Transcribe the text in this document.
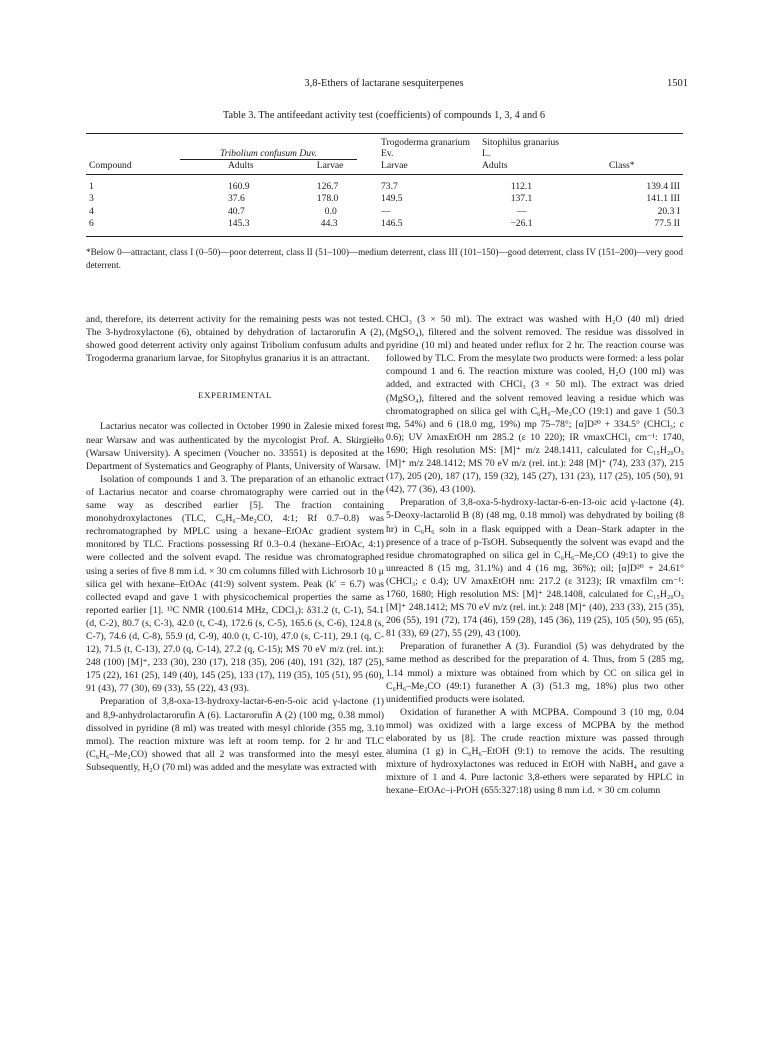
3,8-Ethers of lactarane sesquiterpenes	1501
Table 3. The antifeedant activity test (coefficients) of compounds 1, 3, 4 and 6
	Tribolium confusum Duv.		Trogoderma granarium Ev.	Sitophilus granarius L.	
Compound	Adults	Larvae	Larvae	Adults	Class*
1	160.9	126.7	73.7	112.1	139.4 III
3	37.6	178.0	149.5	137.1	141.1 III
4	40.7	0.0	—	—	20.3 I
6	145.3	44.3	146.5	−26.1	77.5 II
*Below 0—attractant, class I (0–50)—poor deterrent, class II (51–100)—medium deterrent, class III (101–150)—good deterrent, class IV (151–200)—very good deterrent.

and, therefore, its deterrent activity for the remaining pests was not tested. The 3-hydroxylactone (6), obtained by dehydration of lactarorufin A (2), showed good deterrent activity only against Tribolium confusum adults and Trogoderma granarium larvae, for Sitophylus granarius it is an attractant.

EXPERIMENTAL

Lactarius necator was collected in October 1990 in Zalesie mixed forest near Warsaw and was authenticated by the mycologist Prof. A. Skirgiełło (Warsaw University). A specimen (Voucher no. 33551) is deposited at the Department of Systematics and Geography of Plants, University of Warsaw.

Isolation of compounds 1 and 3. The preparation of an ethanolic extract of Lactarius necator and coarse chromatography were carried out in the same way as described earlier [5]. The fraction containing monohydroxylactones (TLC, C₆H₆–Me₂CO, 4:1; Rf 0.7–0.8) was rechromatographed by MPLC using a hexane–EtOAc gradient system monitored by TLC. Fractions possessing Rf 0.3–0.4 (hexane–EtOAc, 4:1) were collected and the solvent evapd. The residue was chromatographed using a series of five 8 mm i.d. × 30 cm columns filled with Lichrosorb 10 μ silica gel with hexane–EtOAc (41:9) solvent system. Peak (k′ = 6.7) was collected evapd and gave 1 with physicochemical properties the same as reported earlier [1]. ¹³C NMR (100.614 MHz, CDCl₃): δ31.2 (t, C-1), 54.1 (d, C-2), 80.7 (s, C-3), 42.0 (t, C-4), 172.6 (s, C-5), 165.6 (s, C-6), 124.8 (s, C-7), 74.6 (d, C-8), 55.9 (d, C-9), 40.0 (t, C-10), 47.0 (s, C-11), 29.1 (q, C-12), 71.5 (t, C-13), 27.0 (q, C-14), 27.2 (q, C-15); MS 70 eV m/z (rel. int.): 248 (100) [M]⁺, 233 (30), 230 (17), 218 (35), 206 (40), 191 (32), 187 (25), 175 (22), 161 (25), 149 (40), 145 (25), 133 (17), 119 (35), 105 (51), 95 (60), 91 (43), 77 (30), 69 (33), 55 (22), 43 (93).

Preparation of 3,8-oxa-13-hydroxy-lactar-6-en-5-oic acid γ-lactone (1) and 8,9-anhydrolactarorufin A (6). Lactarorufin A (2) (100 mg, 0.38 mmol) dissolved in pyridine (8 ml) was treated with mesyl chloride (355 mg, 3.10 mmol). The reaction mixture was left at room temp. for 2 hr and TLC (C₆H₆–Me₂CO) showed that all 2 was transformed into the mesyl ester. Subsequently, H₂O (70 ml) was added and the mesylate was extracted with

CHCl₃ (3 × 50 ml). The extract was washed with H₂O (40 ml) dried (MgSO₄), filtered and the solvent removed. The residue was dissolved in pyridine (10 ml) and heated under reflux for 2 hr. The reaction course was followed by TLC. From the mesylate two products were formed: a less polar compound 1 and 6. The reaction mixture was cooled, H₂O (100 ml) was added, and extracted with CHCl₃ (3 × 50 ml). The extract was dried (MgSO₄), filtered and the solvent removed leaving a residue which was chromatographed on silica gel with C₆H₆–Me₂CO (19:1) and gave 1 (50.3 mg, 54%) and 6 (18.0 mg, 19%) mp 75–78°; [α]D²⁰ + 334.5° (CHCl₃; c 0.6); UV λmaxEtOH nm 285.2 (ε 10 220); IR νmaxCHCl₃ cm⁻¹: 1740, 1690; High resolution MS: [M]⁺ m/z 248.1411, calculated for C₁₅H₂₀O₃ [M]⁺ m/z 248.1412; MS 70 eV m/z (rel. int.): 248 [M]⁺ (74), 233 (37), 215 (17), 205 (20), 187 (17), 159 (32), 145 (27), 131 (23), 117 (25), 105 (50), 91 (42), 77 (36), 43 (100).

Preparation of 3,8-oxa-5-hydroxy-lactar-6-en-13-oic acid γ-lactone (4). 5-Deoxy-lactarolid B (8) (48 mg, 0.18 mmol) was dehydrated by boiling (8 hr) in C₆H₆ soln in a flask equipped with a Dean–Stark adapter in the presence of a trace of p-TsOH. Subsequently the solvent was evapd and the residue chromatographed on silica gel in C₆H₆–Me₂CO (49:1) to give the unreacted 8 (15 mg, 31.1%) and 4 (16 mg, 36%); oil; [α]D²⁰ + 24.61°(CHCl₃; c 0.4); UV λmaxEtOH nm: 217.2 (ε 3123); IR νmaxfilm cm⁻¹: 1760, 1680; High resolution MS: [M]⁺ 248.1408, calculated for C₁₅H₂₀O₃ [M]⁺ 248.1412; MS 70 eV m/z (rel. int.): 248 [M]⁺ (40), 233 (33), 215 (35), 206 (55), 191 (72), 174 (46), 159 (28), 145 (36), 119 (25), 105 (50), 95 (65), 81 (33), 69 (27), 55 (29), 43 (100).

Preparation of furanether A (3). Furandiol (5) was dehydrated by the same method as described for the preparation of 4. Thus, from 5 (285 mg, 1.14 mmol) a mixture was obtained from which by CC on silica gel in C₆H₆–Me₂CO (49:1) furanether A (3) (51.3 mg, 18%) plus two other unidentified products were isolated.

Oxidation of furanether A with MCPBA. Compound 3 (10 mg, 0.04 mmol) was oxidized with a large excess of MCPBA by the method elaborated by us [8]. The crude reaction mixture was passed through alumina (1 g) in C₆H₆–EtOH (9:1) to remove the acids. The resulting mixture of hydroxylactones was reduced in EtOH with NaBH₄ and gave a mixture of 1 and 4. Pure lactonic 3,8-ethers were separated by HPLC in hexane–EtOAc–i-PrOH (655:327:18) using 8 mm i.d. × 30 cm column
